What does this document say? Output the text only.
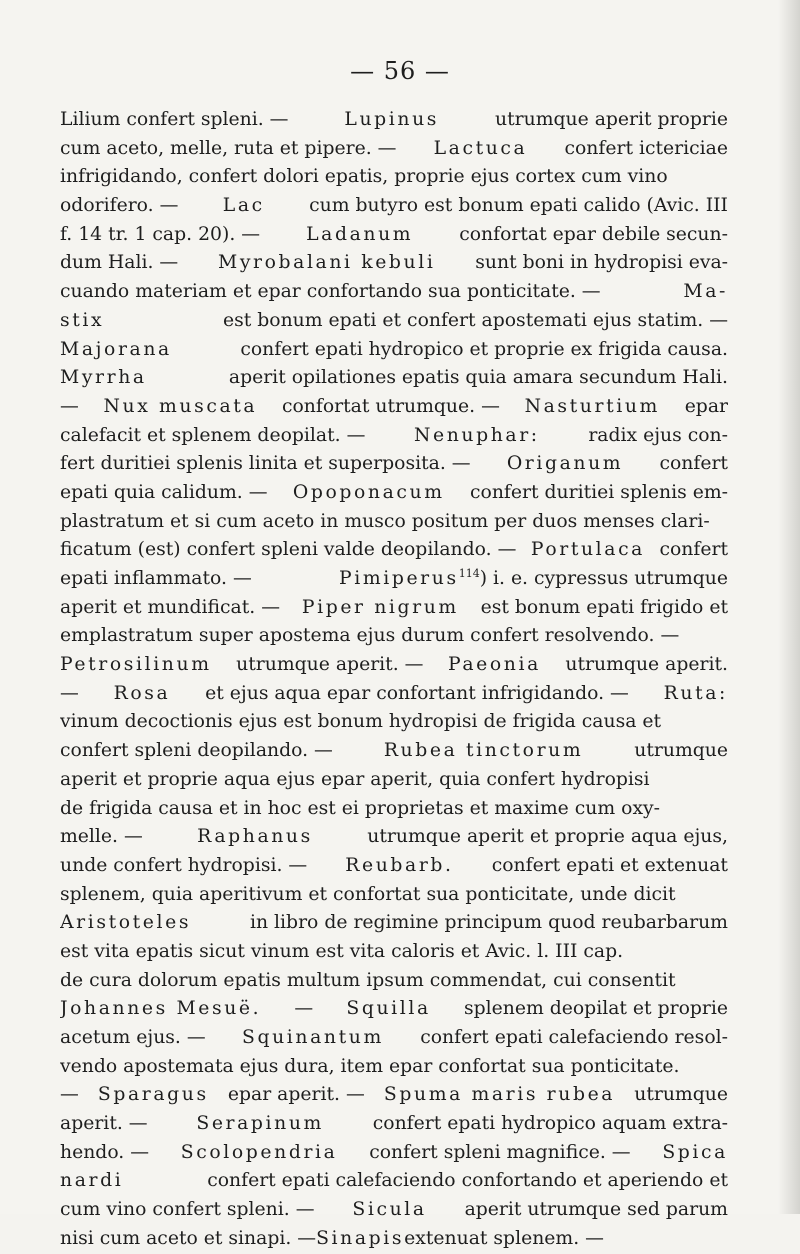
— 56 —
Lilium confert spleni. —	Lupinus	utrumque aperit proprie
cum aceto, melle, ruta et pipere. — Lactuca confert ictericiae
infrigidando, confert dolori epatis, proprie ejus cortex cum vino
odorifero. — Lac cum butyro est bonum epati calido (Avic. III
f. 14 tr. 1 cap. 20). — Ladanum confortat epar debile secun-
dum Hali. — Myrobalani kebuli sunt boni in hydropisi eva-
cuando materiam et epar confortando sua ponticitate. —	Ma-
stix	est bonum epati et confert apostemati ejus statim. —
Majorana	confert epati hydropico et proprie ex frigida causa.
Myrrha	aperit opilationes epatis quia amara secundum Hali.
— Nux muscata confortat utrumque. — Nasturtium epar
calefacit et splenem deopilat. —	Nenuphar:	radix ejus con-
fert duritiei splenis linita et superposita. — Origanum confert
epati quia calidum. — Opoponacum confert duritiei splenis em-
plastratum et si cum aceto in musco positum per duos menses clari-
ficatum (est) confert spleni valde deopilando. — Portulaca confert
epati inflammato. —	Pimiperus$^{114}$) i. e. cypressus utrumque
aperit et mundificat. — Piper nigrum est bonum epati frigido et
emplastratum super apostema ejus durum confert resolvendo. —
Petrosilinum utrumque aperit. — Paeonia utrumque aperit.
— Rosa et ejus aqua epar confortant infrigidando. — Ruta:
vinum decoctionis ejus est bonum hydropisi de frigida causa et
confert spleni deopilando. —	Rubea tinctorum	utrumque
aperit et proprie aqua ejus epar aperit, quia confert hydropisi
de frigida causa et in hoc est ei proprietas et maxime cum oxy-
melle. —	Raphanus	utrumque aperit et proprie aqua ejus,
unde confert hydropisi. — Reubarb. confert epati et extenuat
splenem, quia aperitivum et confortat sua ponticitate, unde dicit
Aristoteles	in libro de regimine principum quod reubarbarum
est vita epatis sicut vinum est vita caloris et Avic. l. III cap.
de cura dolorum epatis multum ipsum commendat, cui consentit
Johannes Mesuë. — Squilla splenem deopilat et proprie
acetum ejus. — Squinantum confert epati calefaciendo resol-
vendo apostemata ejus dura, item epar confortat sua ponticitate.
— Sparagus epar aperit. — Spuma maris rubea utrumque
aperit. —	Serapinum	confert epati hydropico aquam extra-
hendo. — Scolopendria confert spleni magnifice. — Spica
nardi	confert epati calefaciendo confortando et aperiendo et
cum vino confert spleni. — Sicula aperit utrumque sed parum
nisi cum aceto et sinapi. — Sinapis extenuat splenem. —
